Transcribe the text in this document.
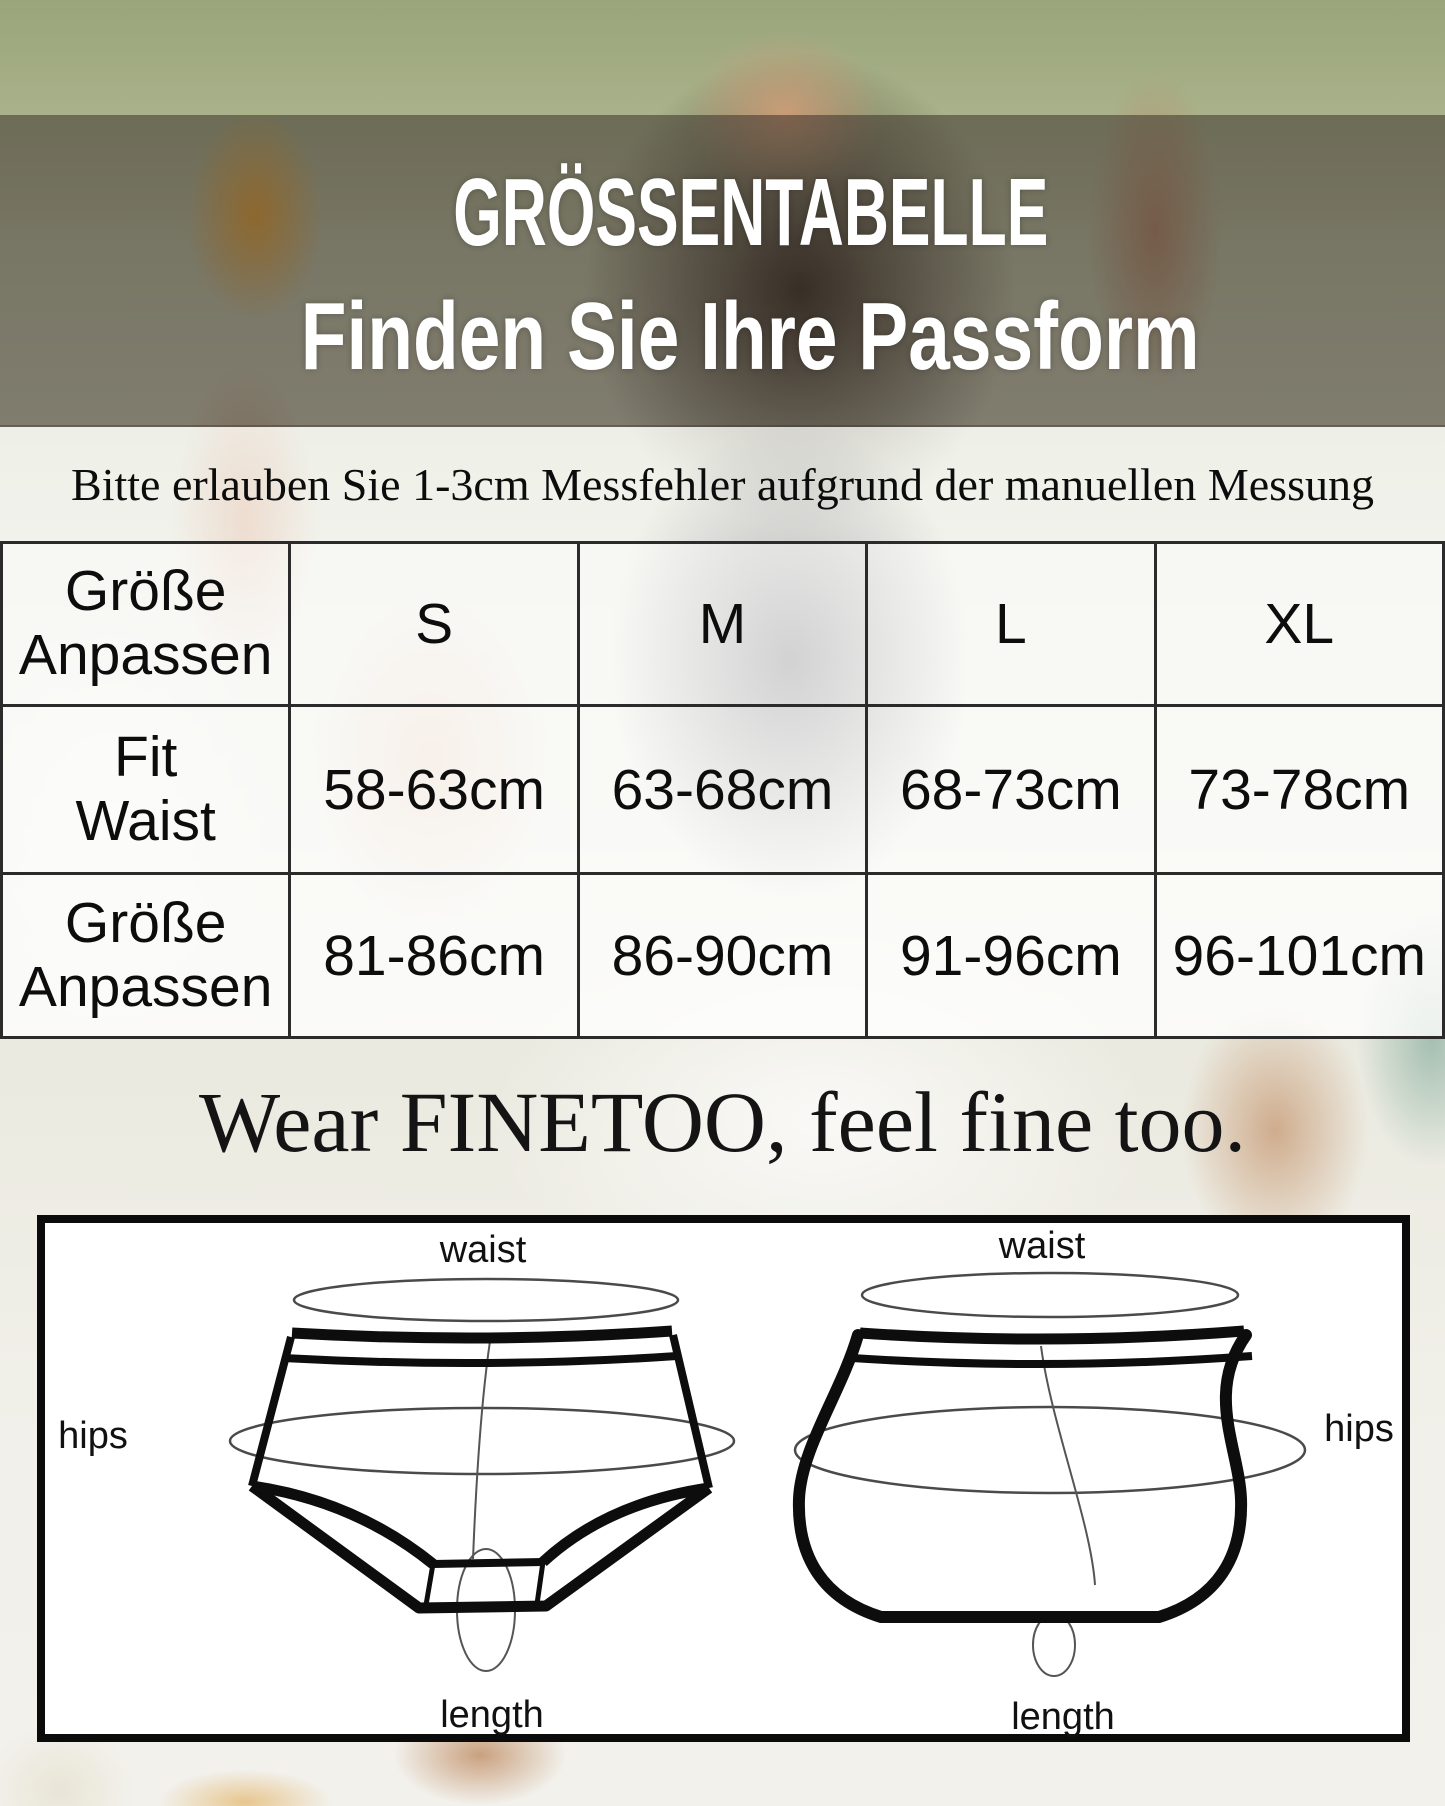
GRÖSSENTABELLE
Finden Sie Ihre Passform
Bitte erlauben Sie 1-3cm Messfehler aufgrund der manuellen Messung
Größe
Anpassen	S	M	L	XL

Fit
Waist	58-63cm	63-68cm	68-73cm	73-78cm

Größe
Anpassen	81-86cm	86-90cm	91-96cm	96-101cm
Wear FINETOO, feel fine too.
waist	waist
hips	hips
length	length
